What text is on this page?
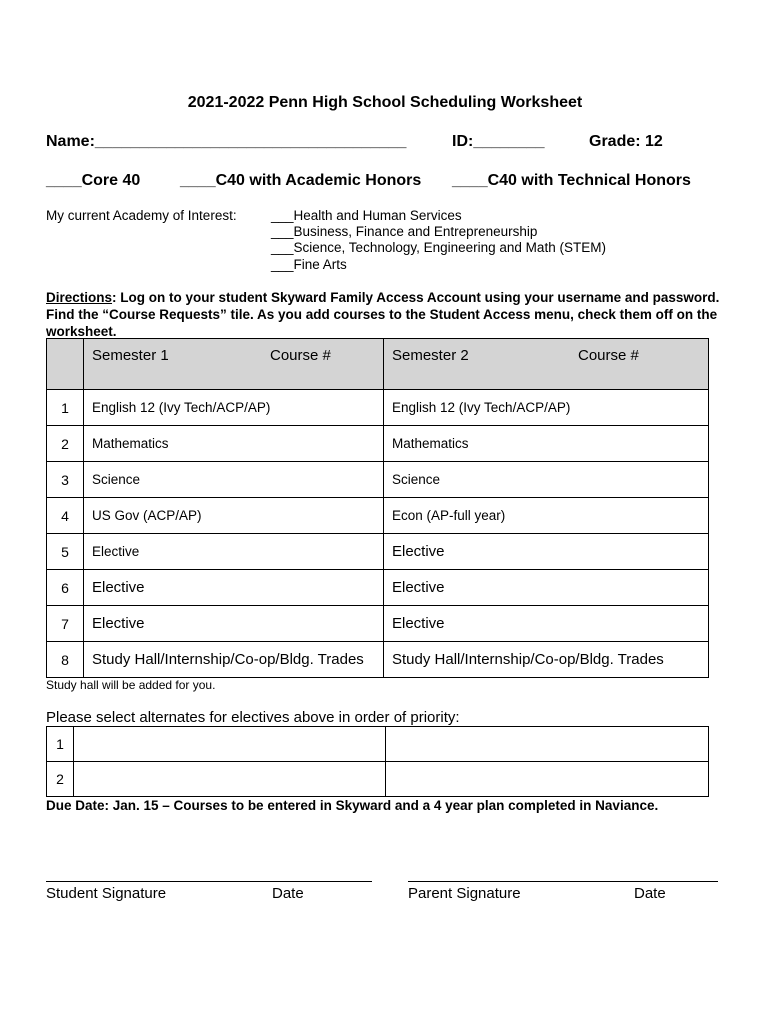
2021-2022 Penn High School Scheduling Worksheet
Name:___________________________________	ID:________	Grade: 12
____Core 40 ____C40 with Academic Honors ____C40 with Technical Honors
My current Academy of Interest:	___Health and Human Services
___Business, Finance and Entrepreneurship
___Science, Technology, Engineering and Math (STEM)
___Fine Arts
Directions: Log on to your student Skyward Family Access Account using your username and password. Find the “Course Requests” tile. As you add courses to the Student Access menu, check them off on the worksheet.

	Semester 1 Course #	Semester 2 Course #

1	English 12 (Ivy Tech/ACP/AP)	English 12 (Ivy Tech/ACP/AP)
2	Mathematics	Mathematics
3	Science	Science
4	US Gov (ACP/AP)	Econ (AP-full year)
5	Elective	Elective
6	Elective	Elective
7	Elective	Elective
8	Study Hall/Internship/Co-op/Bldg. Trades	Study Hall/Internship/Co-op/Bldg. Trades
Study hall will be added for you.
Please select alternates for electives above in order of priority:
1		
2		
Due Date: Jan. 15 – Courses to be entered in Skyward and a 4 year plan completed in Naviance.
Student Signature	Date	Parent Signature	Date
